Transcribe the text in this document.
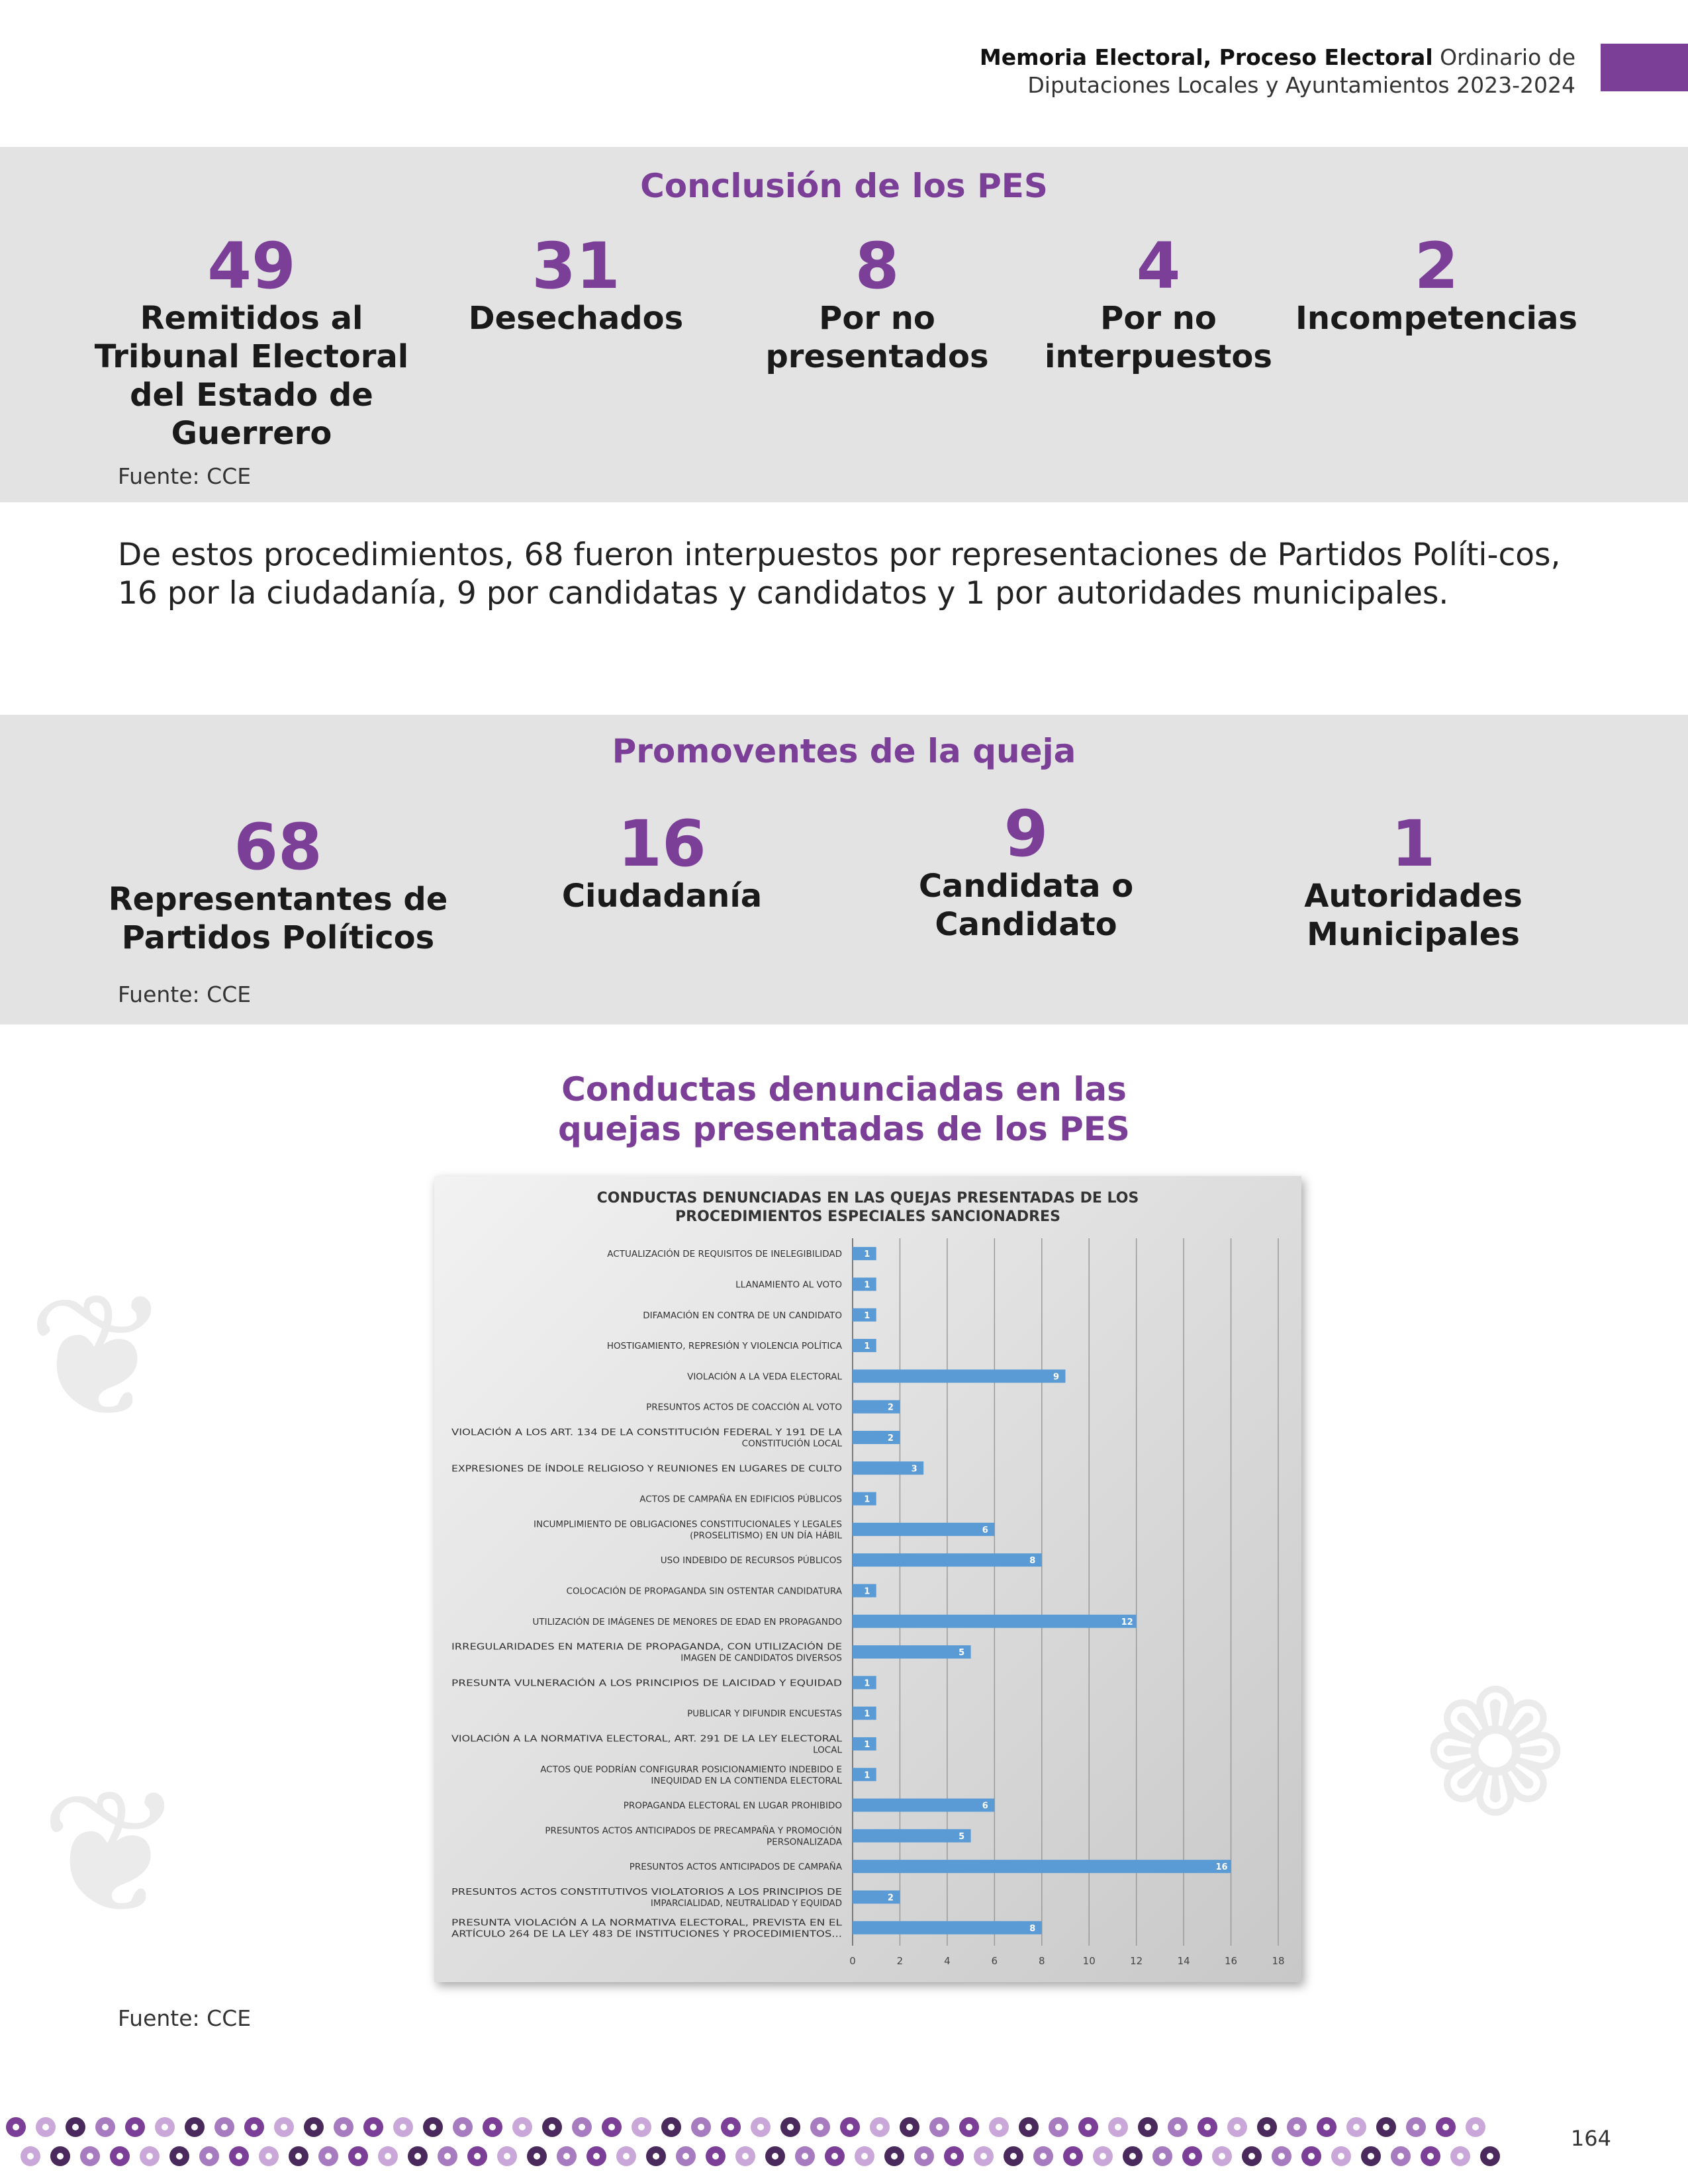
❦
❁
❦
Memoria Electoral, Proceso Electoral Ordinario de
Diputaciones Locales y Ayuntamientos 2023-2024
Conclusión de los PES
49
Remitidos al Tribunal Electoral del Estado de Guerrero
31
Desechados
8
Por no presentados
4
Por no interpuestos
2
Incompetencias
Fuente: CCE

De estos procedimientos, 68 fueron interpuestos por representaciones de Partidos Políti-cos, 16 por la ciudadanía, 9 por candidatas y candidatos y 1 por autoridades municipales.

Promoventes de la queja
68
Representantes de Partidos Políticos
16
Ciudadanía
9
Candidata o Candidato
1
Autoridades Municipales
Fuente: CCE
Conductas denunciadas en las
quejas presentadas de los PES
CONDUCTAS DENUNCIADAS EN LAS QUEJAS PRESENTADAS DE LOS
PROCEDIMIENTOS ESPECIALES SANCIONADRES
0	2	4	6	8	10	12	14	16	18
1
ACTUALIZACIÓN DE REQUISITOS DE INELEGIBILIDAD
1
LLANAMIENTO AL VOTO
1
DIFAMACIÓN EN CONTRA DE UN CANDIDATO
1
HOSTIGAMIENTO, REPRESIÓN Y VIOLENCIA POLÍTICA
9
VIOLACIÓN A LA VEDA ELECTORAL
2
PRESUNTOS ACTOS DE COACCIÓN AL VOTO
2
VIOLACIÓN A LOS ART. 134 DE LA CONSTITUCIÓN FEDERAL Y 191 DE LA
CONSTITUCIÓN LOCAL
3
EXPRESIONES DE ÍNDOLE RELIGIOSO Y REUNIONES EN LUGARES DE CULTO
1
ACTOS DE CAMPAÑA EN EDIFICIOS PÚBLICOS
6
INCUMPLIMIENTO DE OBLIGACIONES CONSTITUCIONALES Y LEGALES
(PROSELITISMO) EN UN DÍA HÁBIL
8
USO INDEBIDO DE RECURSOS PÚBLICOS
1
COLOCACIÓN DE PROPAGANDA SIN OSTENTAR CANDIDATURA
12
UTILIZACIÓN DE IMÁGENES DE MENORES DE EDAD EN PROPAGANDO
5
IRREGULARIDADES EN MATERIA DE PROPAGANDA, CON UTILIZACIÓN DE
IMAGEN DE CANDIDATOS DIVERSOS
1
PRESUNTA VULNERACIÓN A LOS PRINCIPIOS DE LAICIDAD Y EQUIDAD
1
PUBLICAR Y DIFUNDIR ENCUESTAS
1
VIOLACIÓN A LA NORMATIVA ELECTORAL, ART. 291 DE LA LEY ELECTORAL
LOCAL
1
ACTOS QUE PODRÍAN CONFIGURAR POSICIONAMIENTO INDEBIDO E
INEQUIDAD EN LA CONTIENDA ELECTORAL
6
PROPAGANDA ELECTORAL EN LUGAR PROHIBIDO
5
PRESUNTOS ACTOS ANTICIPADOS DE PRECAMPAÑA Y PROMOCIÓN
PERSONALIZADA
16
PRESUNTOS ACTOS ANTICIPADOS DE CAMPAÑA
2
PRESUNTOS ACTOS CONSTITUTIVOS VIOLATORIOS A LOS PRINCIPIOS DE
IMPARCIALIDAD, NEUTRALIDAD Y EQUIDAD
8
PRESUNTA VIOLACIÓN A LA NORMATIVA ELECTORAL, PREVISTA EN EL
ARTÍCULO 264 DE LA LEY 483 DE INSTITUCIONES Y PROCEDIMIENTOS...
Fuente: CCE
164
